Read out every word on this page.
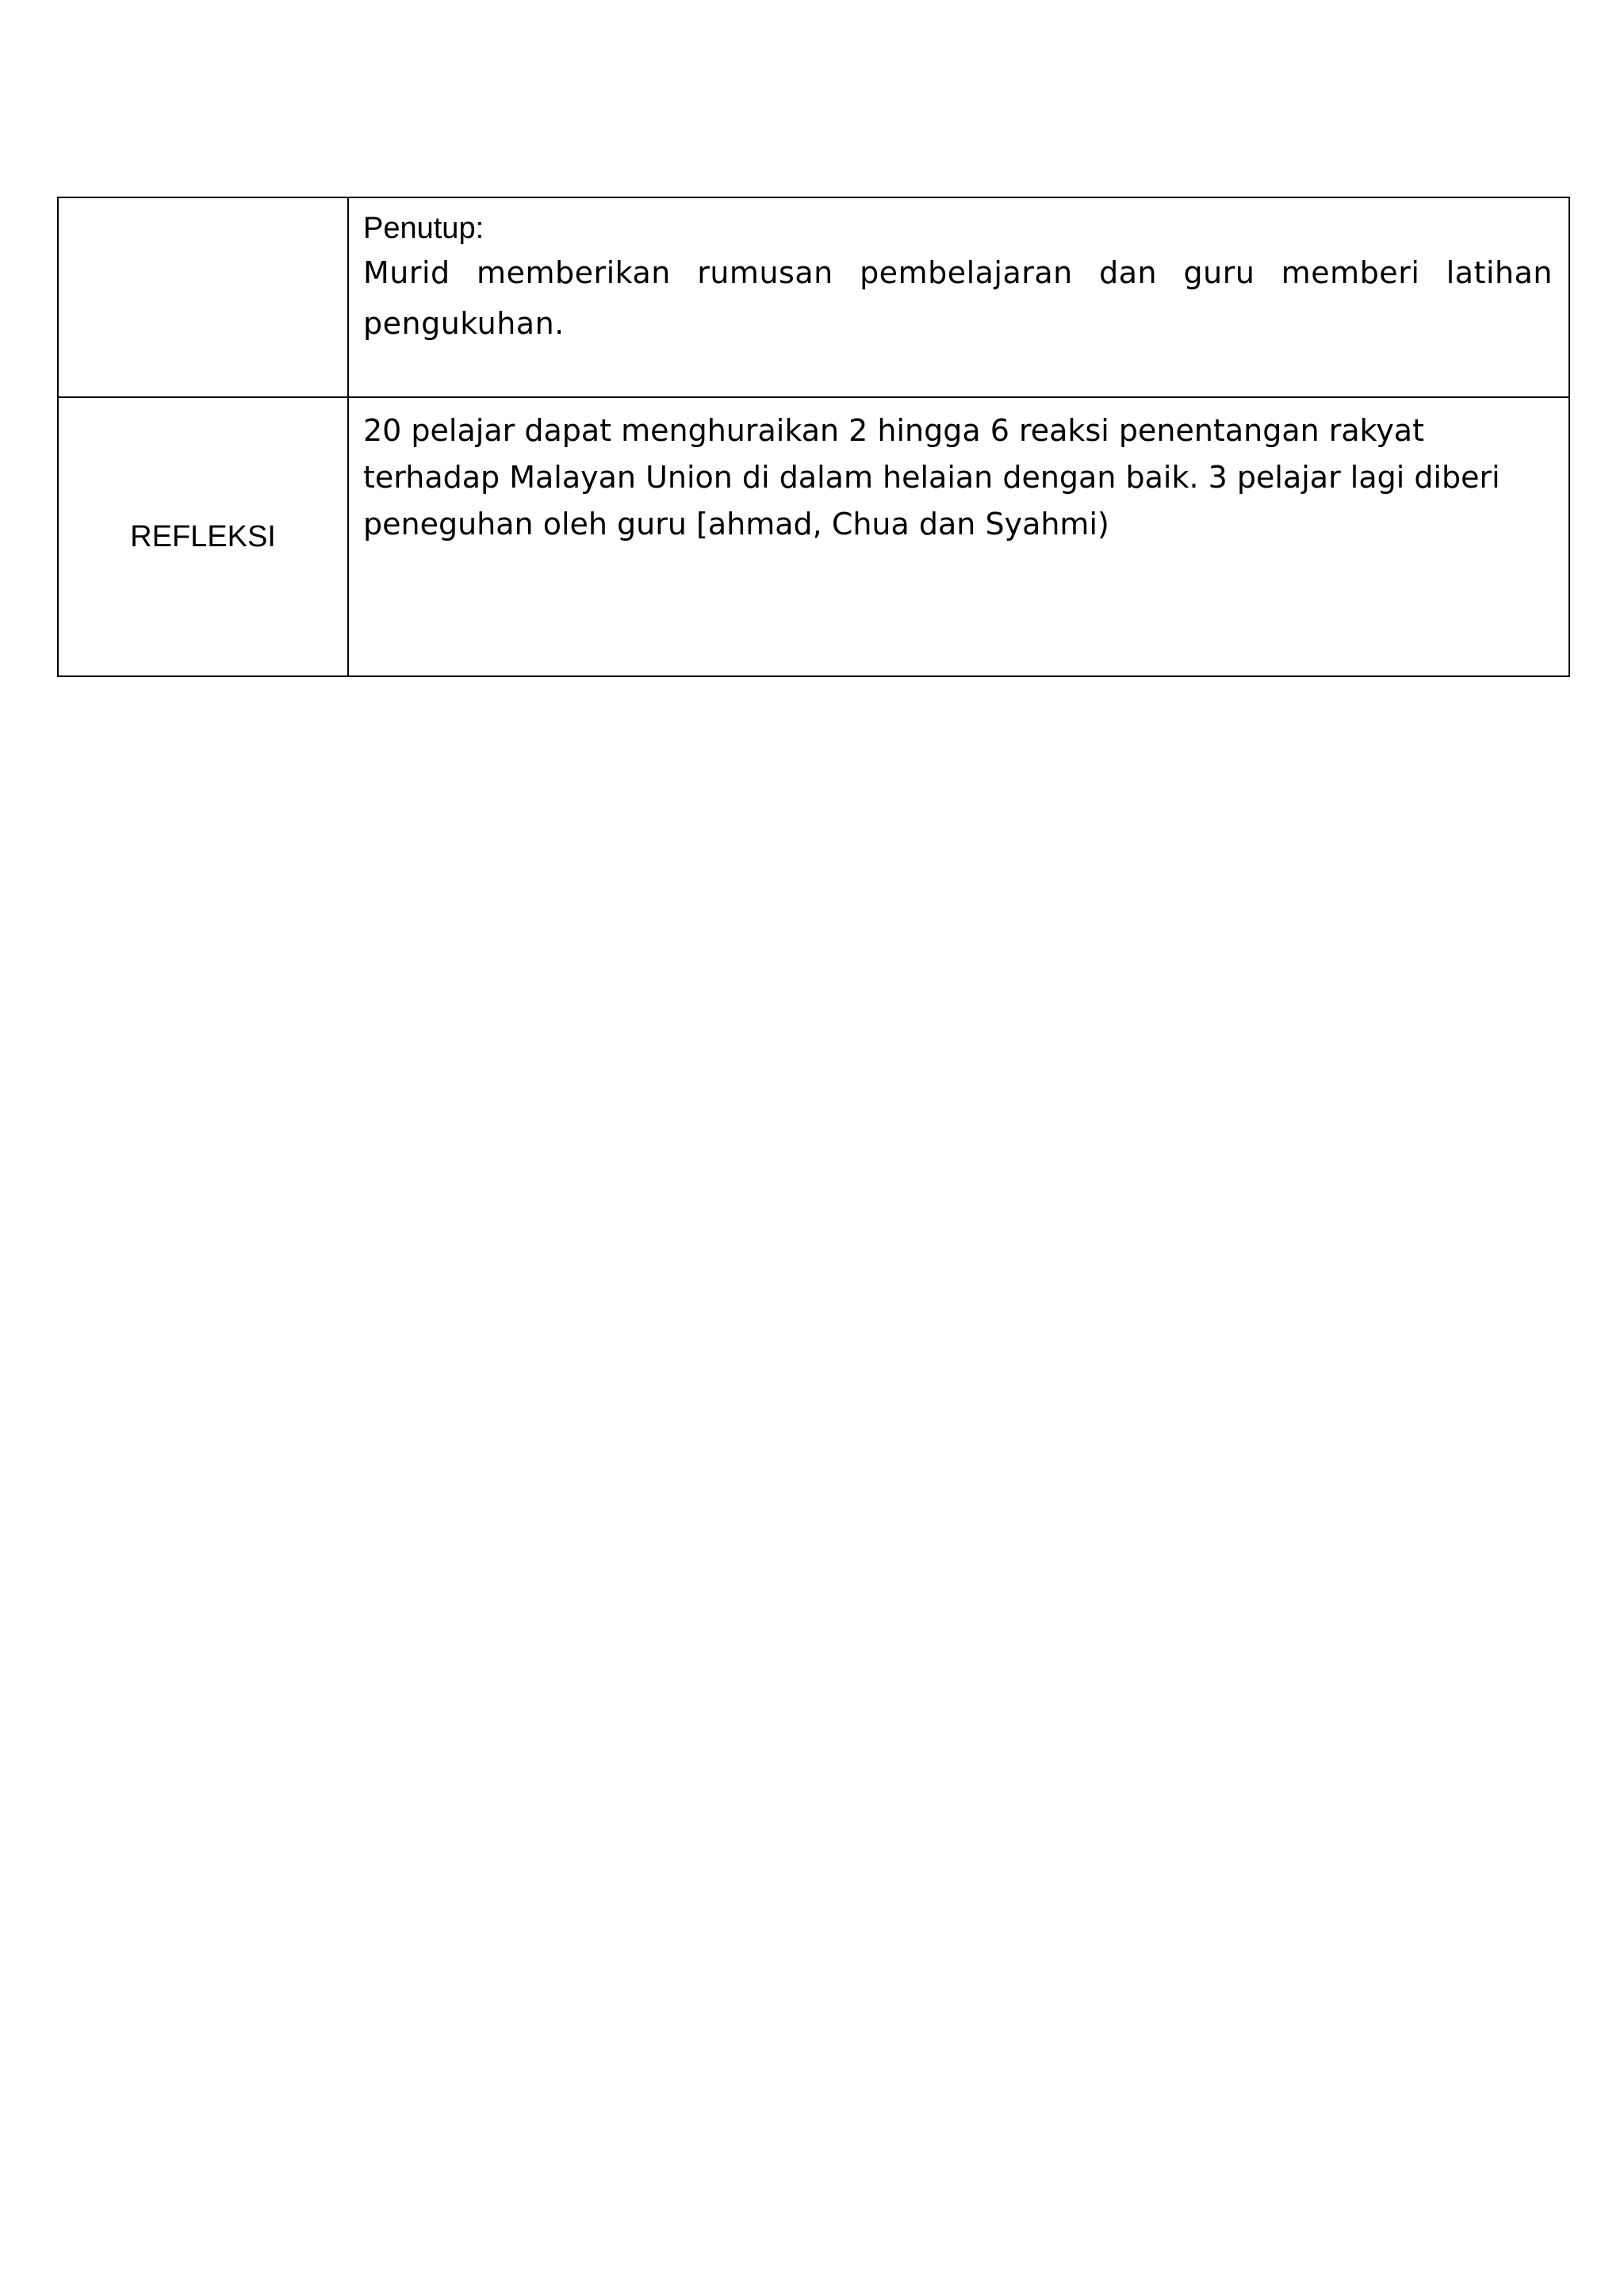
	Penutup:

Murid memberikan rumusan pembelajaran dan guru memberi latihan pengukuhan.

REFLEKSI	20 pelajar dapat menghuraikan 2 hingga 6 reaksi penentangan rakyat terhadap Malayan Union di dalam helaian dengan baik. 3 pelajar lagi diberi peneguhan oleh guru [ahmad, Chua dan Syahmi)
